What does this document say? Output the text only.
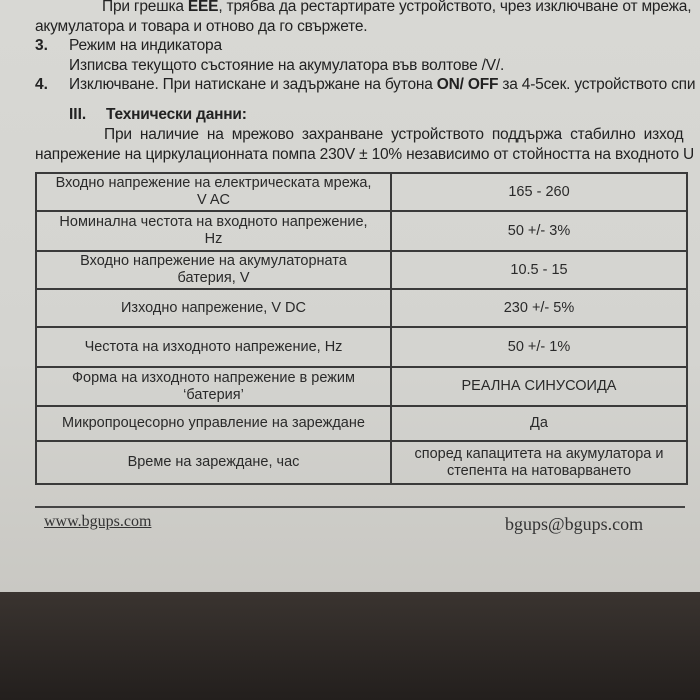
При грешка EEE, трябва да рестартирате устройството, чрез изключване от мрежа,
акумулатора и товара и отново да го свържете.
3. Режим на индикатора
Изписва текущото състояние на акумулатора във волтове /V/.
4. Изключване. При натискане и задържане на бутона ON/ OFF за 4-5сек. устройството спи
III. Технически данни:
При наличие на мрежово захранване устройството поддържа стабилно изход
напрежение на циркулационната помпа 230V ± 10% независимо от стойността на входното U
Входно напрежение на електрическата мрежа,
V AC	165 - 260

Номинална честота на входното напрежение,
Hz	50 +/- 3%

Входно напрежение на акумулаторната
батерия, V	10.5 - 15

Изходно напрежение, V DC	230 +/- 5%

Честота на изходното напрежение, Hz	50 +/- 1%

Форма на изходното напрежение в режим
‘батерия’	РЕАЛНА СИНУСОИДА

Микропроцесорно управление на зареждане	Да

Време на зареждане, час	според капацитета на акумулатора и
степента на натоварването
www.bgups.com	bgups@bgups.com
